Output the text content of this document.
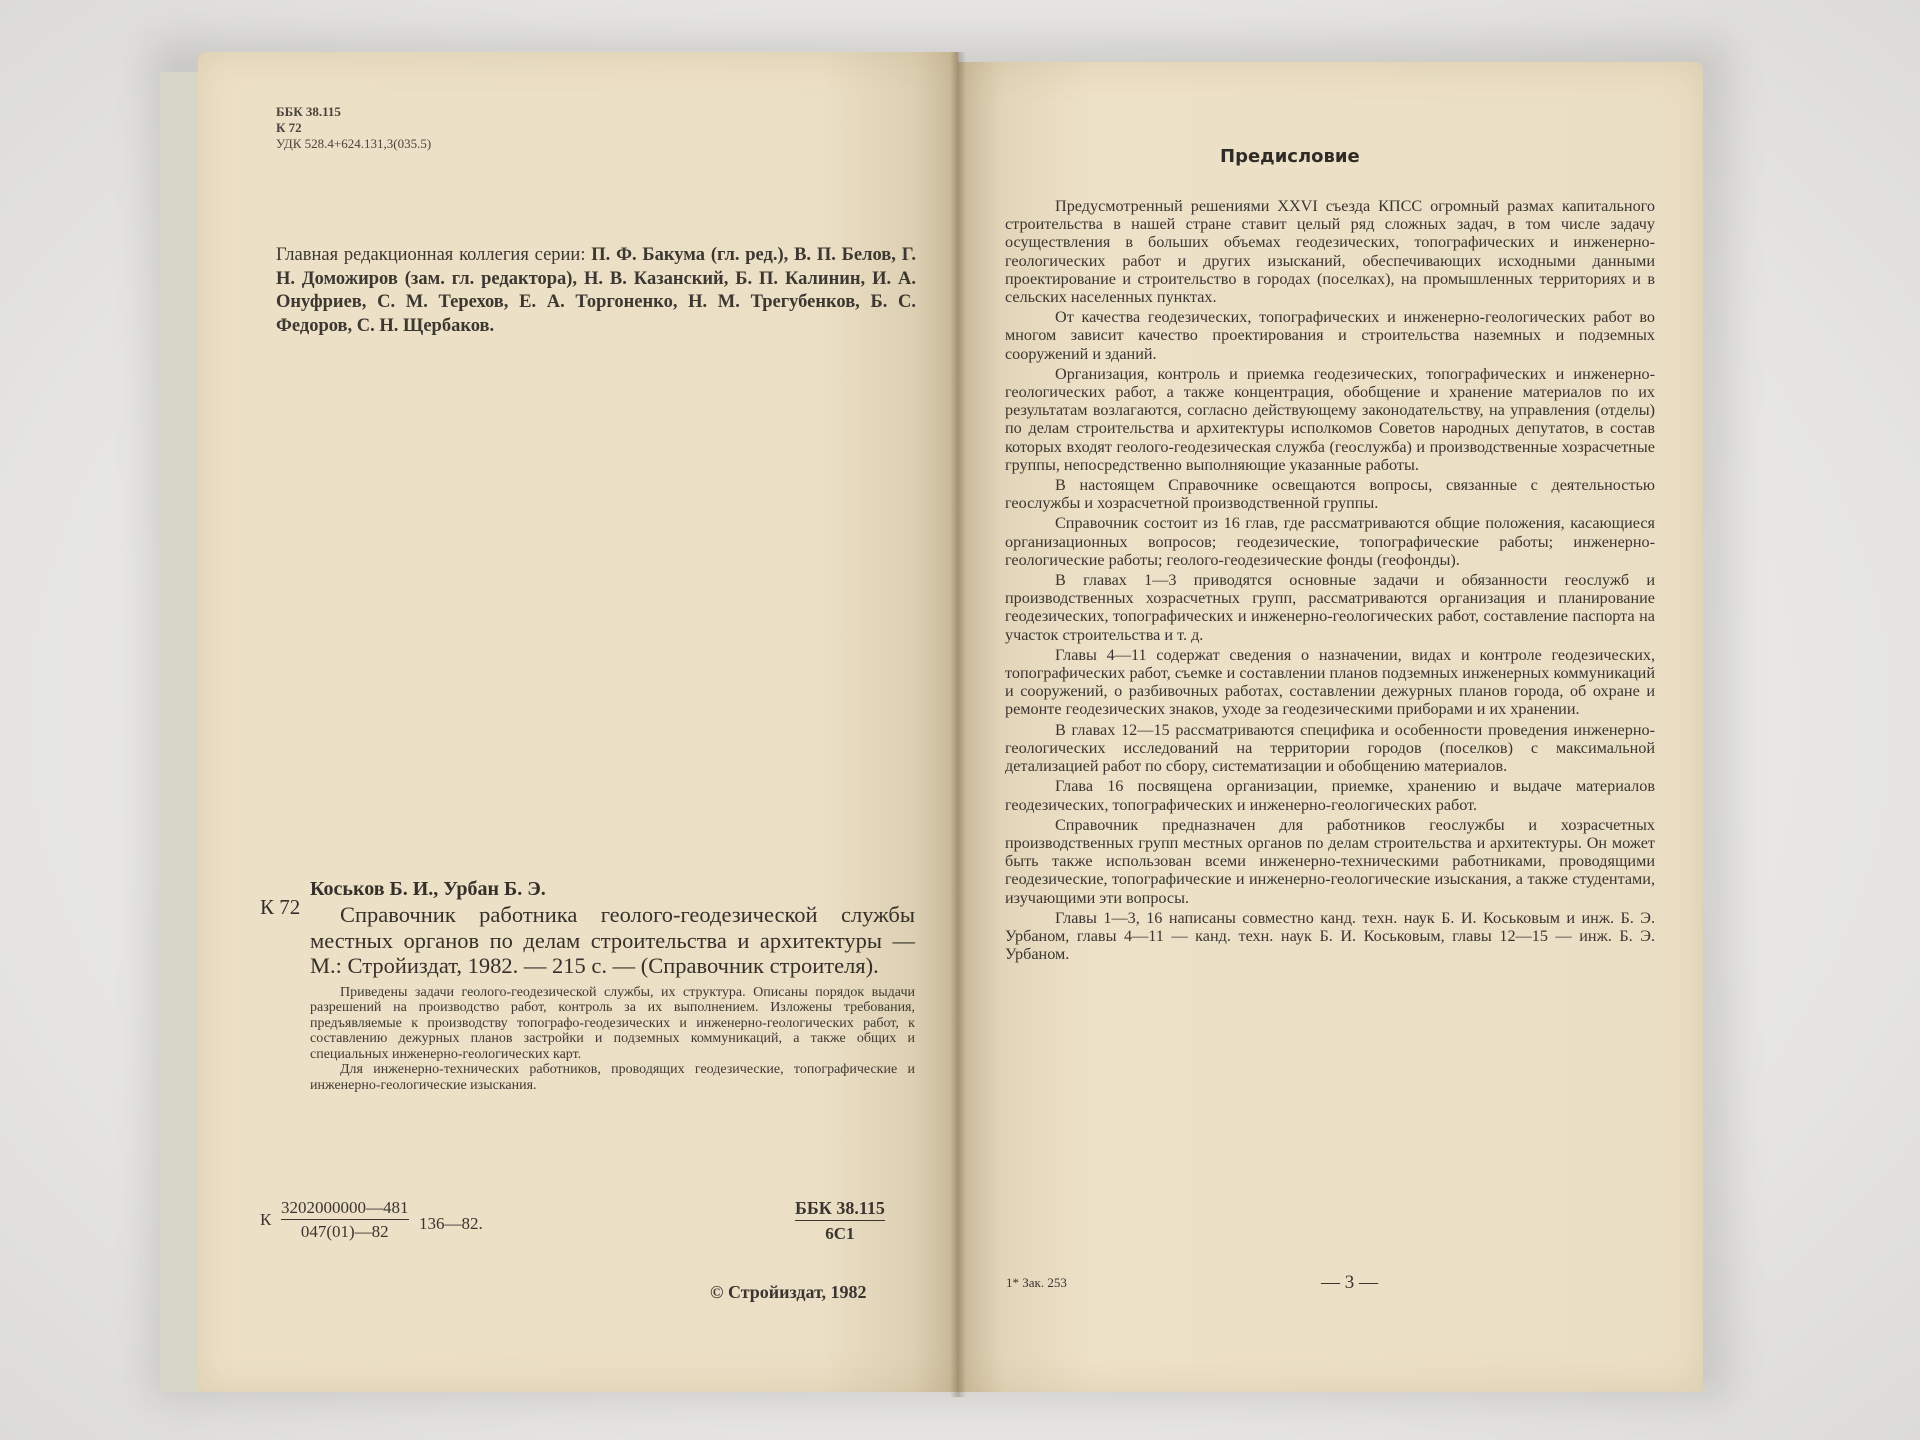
ББК 38.115
К 72
УДК 528.4+624.131,3(035.5)
Главная редакционная коллегия серии: П. Ф. Бакума (гл. ред.), В. П. Белов, Г. Н. Доможиров (зам. гл. редактора), Н. В. Казанский, Б. П. Калинин, И. А. Онуфриев, С. М. Терехов, Е. А. Торгоненко, Н. М. Трегубенков, Б. С. Федоров, С. Н. Щербаков.
К 72
Коськов Б. И., Урбан Б. Э.
Справочник работника геолого-геодезической службы местных органов по делам строительства и архитектуры — М.: Стройиздат, 1982. — 215 с. — (Справочник строителя).
Приведены задачи геолого-геодезической службы, их структура. Описаны порядок выдачи разрешений на производство работ, контроль за их выполнением. Изложены требования, предъявляемые к производству топографо-геодезических и инженерно-геологических работ, к составлению дежурных планов застройки и подземных коммуникаций, а также общих и специальных инженерно-геологических карт.
Для инженерно-технических работников, проводящих геодезические, топографические и инженерно-геологические изыскания.
К $\frac{3202000000—481}{047(01)—82}$ 136—82.
ББК 38.115
6С1
© Стройиздат, 1982
Предисловие

Предусмотренный решениями XXVI съезда КПСС огромный размах капитального строительства в нашей стране ставит целый ряд сложных задач, в том числе задачу осуществления в больших объемах геодезических, топографических и инженерно-геологических работ и других изысканий, обеспечивающих исходными данными проектирование и строительство в городах (поселках), на промышленных территориях и в сельских населенных пунктах.

От качества геодезических, топографических и инженерно-геологических работ во многом зависит качество проектирования и строительства наземных и подземных сооружений и зданий.

Организация, контроль и приемка геодезических, топографических и инженерно-геологических работ, а также концентрация, обобщение и хранение материалов по их результатам возлагаются, согласно действующему законодательству, на управления (отделы) по делам строительства и архитектуры исполкомов Советов народных депутатов, в состав которых входят геолого-геодезическая служба (геослужба) и производственные хозрасчетные группы, непосредственно выполняющие указанные работы.

В настоящем Справочнике освещаются вопросы, связанные с деятельностью геослужбы и хозрасчетной производственной группы.

Справочник состоит из 16 глав, где рассматриваются общие положения, касающиеся организационных вопросов; геодезические, топографические работы; инженерно-геологические работы; геолого-геодезические фонды (геофонды).

В главах 1—3 приводятся основные задачи и обязанности геослужб и производственных хозрасчетных групп, рассматриваются организация и планирование геодезических, топографических и инженерно-геологических работ, составление паспорта на участок строительства и т. д.

Главы 4—11 содержат сведения о назначении, видах и контроле геодезических, топографических работ, съемке и составлении планов подземных инженерных коммуникаций и сооружений, о разбивочных работах, составлении дежурных планов города, об охране и ремонте геодезических знаков, уходе за геодезическими приборами и их хранении.

В главах 12—15 рассматриваются специфика и особенности проведения инженерно-геологических исследований на территории городов (поселков) с максимальной детализацией работ по сбору, систематизации и обобщению материалов.

Глава 16 посвящена организации, приемке, хранению и выдаче материалов геодезических, топографических и инженерно-геологических работ.

Справочник предназначен для работников геослужбы и хозрасчетных производственных групп местных органов по делам строительства и архитектуры. Он может быть также использован всеми инженерно-техническими работниками, проводящими геодезические, топографические и инженерно-геологические изыскания, а также студентами, изучающими эти вопросы.

Главы 1—3, 16 написаны совместно канд. техн. наук Б. И. Коськовым и инж. Б. Э. Урбаном, главы 4—11 — канд. техн. наук Б. И. Коськовым, главы 12—15 — инж. Б. Э. Урбаном.

1* Зак. 253	— 3 —
